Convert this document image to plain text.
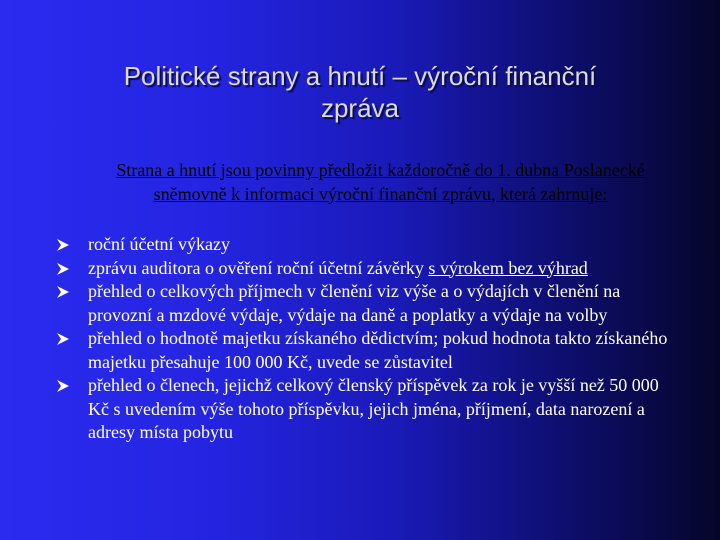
Politické strany a hnutí – výroční finanční zpráva
Strana a hnutí jsou povinny předložit každoročně do 1. dubna Poslanecké sněmovně k informaci výroční finanční zprávu, která zahrnuje:
roční účetní výkazy
zprávu auditora o ověření roční účetní závěrky s výrokem bez výhrad
přehled o celkových příjmech v členění viz výše a o výdajích v členění na provozní a mzdové výdaje, výdaje na daně a poplatky a výdaje na volby
přehled o hodnotě majetku získaného dědictvím; pokud hodnota takto získaného majetku přesahuje 100 000 Kč, uvede se zůstavitel
přehled o členech, jejichž celkový členský příspěvek za rok je vyšší než 50 000 Kč s uvedením výše tohoto příspěvku, jejich jména, příjmení, data narození a adresy místa pobytu
